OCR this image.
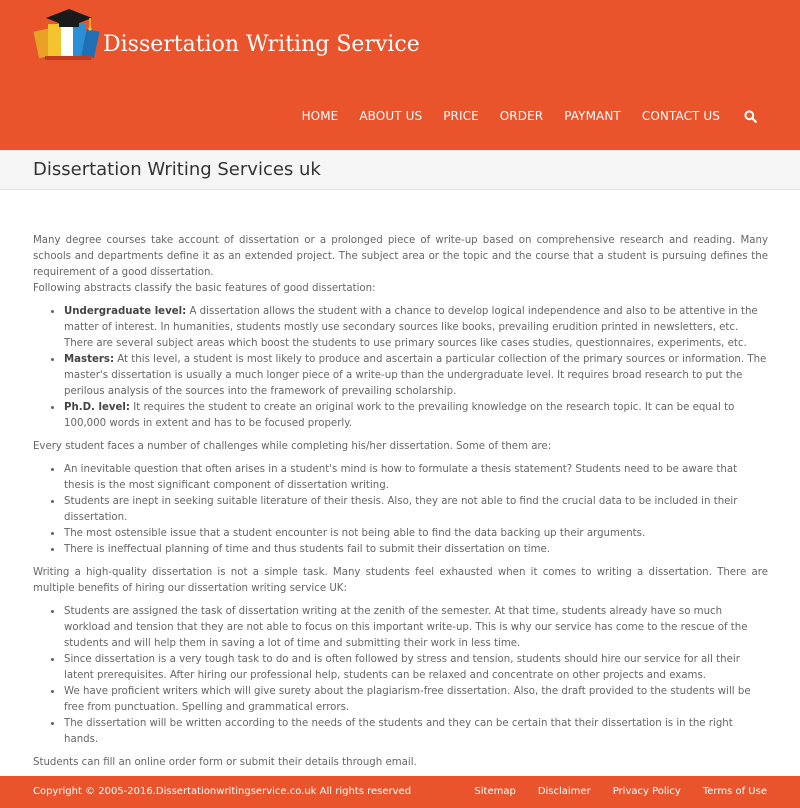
Dissertation Writing Service
HOME ABOUT US PRICE ORDER PAYMANT CONTACT US
Dissertation Writing Services uk

Many degree courses take account of dissertation or a prolonged piece of write-up based on comprehensive research and reading. Many schools and departments define it as an extended project. The subject area or the topic and the course that a student is pursuing defines the requirement of a good dissertation.

Following abstracts classify the basic features of good dissertation:

• Undergraduate level: A dissertation allows the student with a chance to develop logical independence and also to be attentive in the matter of interest. In humanities, students mostly use secondary sources like books, prevailing erudition printed in newsletters, etc. There are several subject areas which boost the students to use primary sources like cases studies, questionnaires, experiments, etc.
• Masters: At this level, a student is most likely to produce and ascertain a particular collection of the primary sources or information. The master's dissertation is usually a much longer piece of a write-up than the undergraduate level. It requires broad research to put the perilous analysis of the sources into the framework of prevailing scholarship.
• Ph.D. level: It requires the student to create an original work to the prevailing knowledge on the research topic. It can be equal to 100,000 words in extent and has to be focused properly.

Every student faces a number of challenges while completing his/her dissertation. Some of them are:

• An inevitable question that often arises in a student's mind is how to formulate a thesis statement? Students need to be aware that thesis is the most significant component of dissertation writing.
• Students are inept in seeking suitable literature of their thesis. Also, they are not able to find the crucial data to be included in their dissertation.
• The most ostensible issue that a student encounter is not being able to find the data backing up their arguments.
• There is ineffectual planning of time and thus students fail to submit their dissertation on time.

Writing a high-quality dissertation is not a simple task. Many students feel exhausted when it comes to writing a dissertation. There are multiple benefits of hiring our dissertation writing service UK:

• Students are assigned the task of dissertation writing at the zenith of the semester. At that time, students already have so much workload and tension that they are not able to focus on this important write-up. This is why our service has come to the rescue of the students and will help them in saving a lot of time and submitting their work in less time.
• Since dissertation is a very tough task to do and is often followed by stress and tension, students should hire our service for all their latent prerequisites. After hiring our professional help, students can be relaxed and concentrate on other projects and exams.
• We have proficient writers which will give surety about the plagiarism-free dissertation. Also, the draft provided to the students will be free from punctuation. Spelling and grammatical errors.
• The dissertation will be written according to the needs of the students and they can be certain that their dissertation is in the right hands.

Students can fill an online order form or submit their details through email.

Copyright © 2005-2016.Dissertationwritingservice.co.uk All rights reserved	Sitemap Disclaimer Privacy Policy Terms of Use
